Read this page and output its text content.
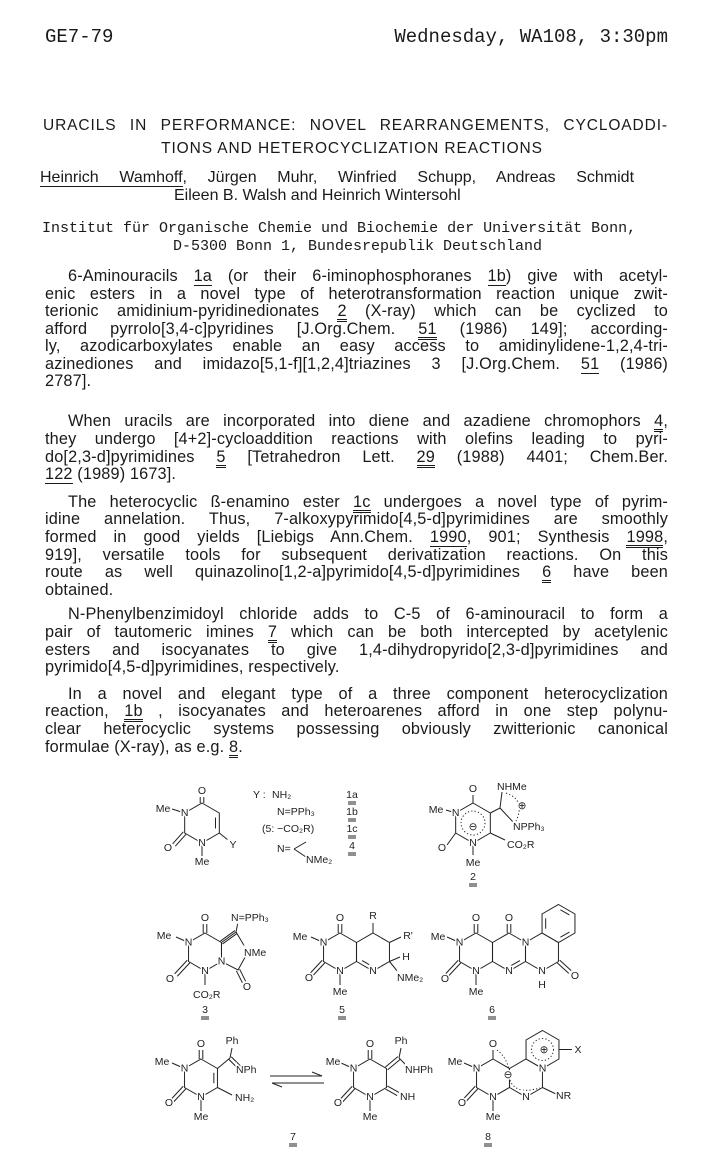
GE7-79	Wednesday, WA108, 3:30pm
URACILS IN PERFORMANCE: NOVEL REARRANGEMENTS, CYCLOADDI-
TIONS AND HETEROCYCLIZATION REACTIONS
Heinrich Wamhoff, Jürgen Muhr, Winfried Schupp, Andreas Schmidt
Eileen B. Walsh and Heinrich Wintersohl
Institut für Organische Chemie und Biochemie der Universität Bonn,
D-5300 Bonn 1, Bundesrepublik Deutschland
6-Aminouracils 1a (or their 6-iminophosphoranes 1b) give with acetyl-
enic esters in a novel type of heterotransformation reaction unique zwit-
terionic amidinium-pyridinedionates 2 (X-ray) which can be cyclized to
afford pyrrolo[3,4-c]pyridines [J.Org.Chem. 51 (1986) 149]; according-
ly, azodicarboxylates enable an easy access to amidinylidene-1,2,4-tri-
azinediones and imidazo[5,1-f][1,2,4]triazines 3 [J.Org.Chem. 51 (1986)
2787].
When uracils are incorporated into diene and azadiene chromophors 4,
they undergo [4+2]-cycloaddition reactions with olefins leading to pyri-
do[2,3-d]pyrimidines 5 [Tetrahedron Lett. 29 (1988) 4401; Chem.Ber.
122 (1989) 1673].
The heterocyclic ß-enamino ester 1c undergoes a novel type of pyrim-
idine annelation. Thus, 7-alkoxypyrimido[4,5-d]pyrimidines are smoothly
formed in good yields [Liebigs Ann.Chem. 1990, 901; Synthesis 1998,
919], versatile tools for subsequent derivatization reactions. On this
route as well quinazolino[1,2-a]pyrimido[4,5-d]pyrimidines 6 have been
obtained.
N-Phenylbenzimidoyl chloride adds to C-5 of 6-aminouracil to form a
pair of tautomeric imines 7 which can be both intercepted by acetylenic
esters and isocyanates to give 1,4-dihydropyrido[2,3-d]pyrimidines and
pyrimido[4,5-d]pyrimidines, respectively.
In a novel and elegant type of a three component heterocyclization
reaction, 1b , isocyanates and heteroarenes afford in one step polynu-
clear heterocyclic systems possessing obviously zwitterionic canonical
formulae (X-ray), as e.g. 8.
O
N
Me
O N
Me
Y
Y : NH₂
N=PPh₃
(5: −CO₂R)
N=
NMe₂
1a
1b
1c
4
O
N
Me
O N
Me
CO₂R
NHMe
NPPh₃
⊕
⊖
2
O
N
Me
O
N
N
NMe
N=PPh₃
O
CO₂R
3
O
N
Me
O
N
Me
N
R
R'
H
NMe₂
5
O
N
Me
O
N
Me
O
N
N N
H
O
6
O
N
Me
O N
Me
Ph
NPh
NH₂
O
N
Me
O N
Me
Ph
NHPh
NH
7
O
N
Me
O N
Me
N
N
NR
X
⊕
⊖
8
